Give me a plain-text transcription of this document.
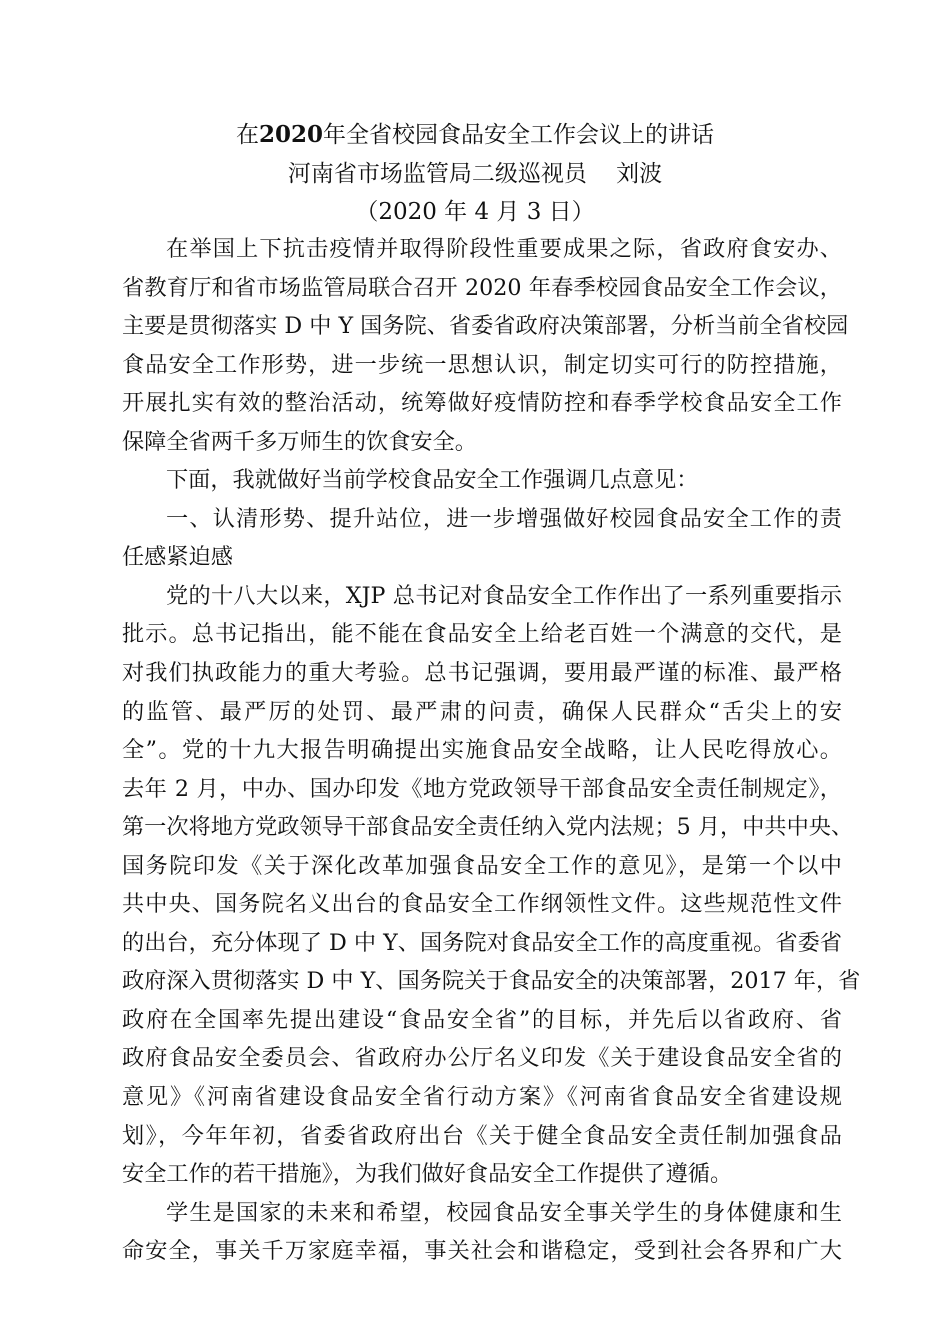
在2020年全省校园食品安全工作会议上的讲话
河南省市场监管局二级巡视员    刘波
（2020 年 4 月 3 日）
在举国上下抗击疫情并取得阶段性重要成果之际，省政府食安办、
省教育厅和省市场监管局联合召开 2020 年春季校园食品安全工作会议，
主要是贯彻落实 D 中 Y 国务院、省委省政府决策部署，分析当前全省校园
食品安全工作形势，进一步统一思想认识，制定切实可行的防控措施，
开展扎实有效的整治活动，统筹做好疫情防控和春季学校食品安全工作
保障全省两千多万师生的饮食安全。
下面，我就做好当前学校食品安全工作强调几点意见：
一、认清形势、提升站位，进一步增强做好校园食品安全工作的责
任感紧迫感
党的十八大以来，XJP 总书记对食品安全工作作出了一系列重要指示
批示。总书记指出，能不能在食品安全上给老百姓一个满意的交代，是
对我们执政能力的重大考验。总书记强调，要用最严谨的标准、最严格
的监管、最严厉的处罚、最严肃的问责，确保人民群众“舌尖上的安
全”。党的十九大报告明确提出实施食品安全战略，让人民吃得放心。
去年 2 月，中办、国办印发《地方党政领导干部食品安全责任制规定》，
第一次将地方党政领导干部食品安全责任纳入党内法规；5 月，中共中央、
国务院印发《关于深化改革加强食品安全工作的意见》，是第一个以中
共中央、国务院名义出台的食品安全工作纲领性文件。这些规范性文件
的出台，充分体现了 D 中 Y、国务院对食品安全工作的高度重视。省委省
政府深入贯彻落实 D 中 Y、国务院关于食品安全的决策部署，2017 年，省
政府在全国率先提出建设“食品安全省”的目标，并先后以省政府、省
政府食品安全委员会、省政府办公厅名义印发《关于建设食品安全省的
意见》《河南省建设食品安全省行动方案》《河南省食品安全省建设规
划》，今年年初，省委省政府出台《关于健全食品安全责任制加强食品
安全工作的若干措施》，为我们做好食品安全工作提供了遵循。
学生是国家的未来和希望，校园食品安全事关学生的身体健康和生
命安全，事关千万家庭幸福，事关社会和谐稳定，受到社会各界和广大
